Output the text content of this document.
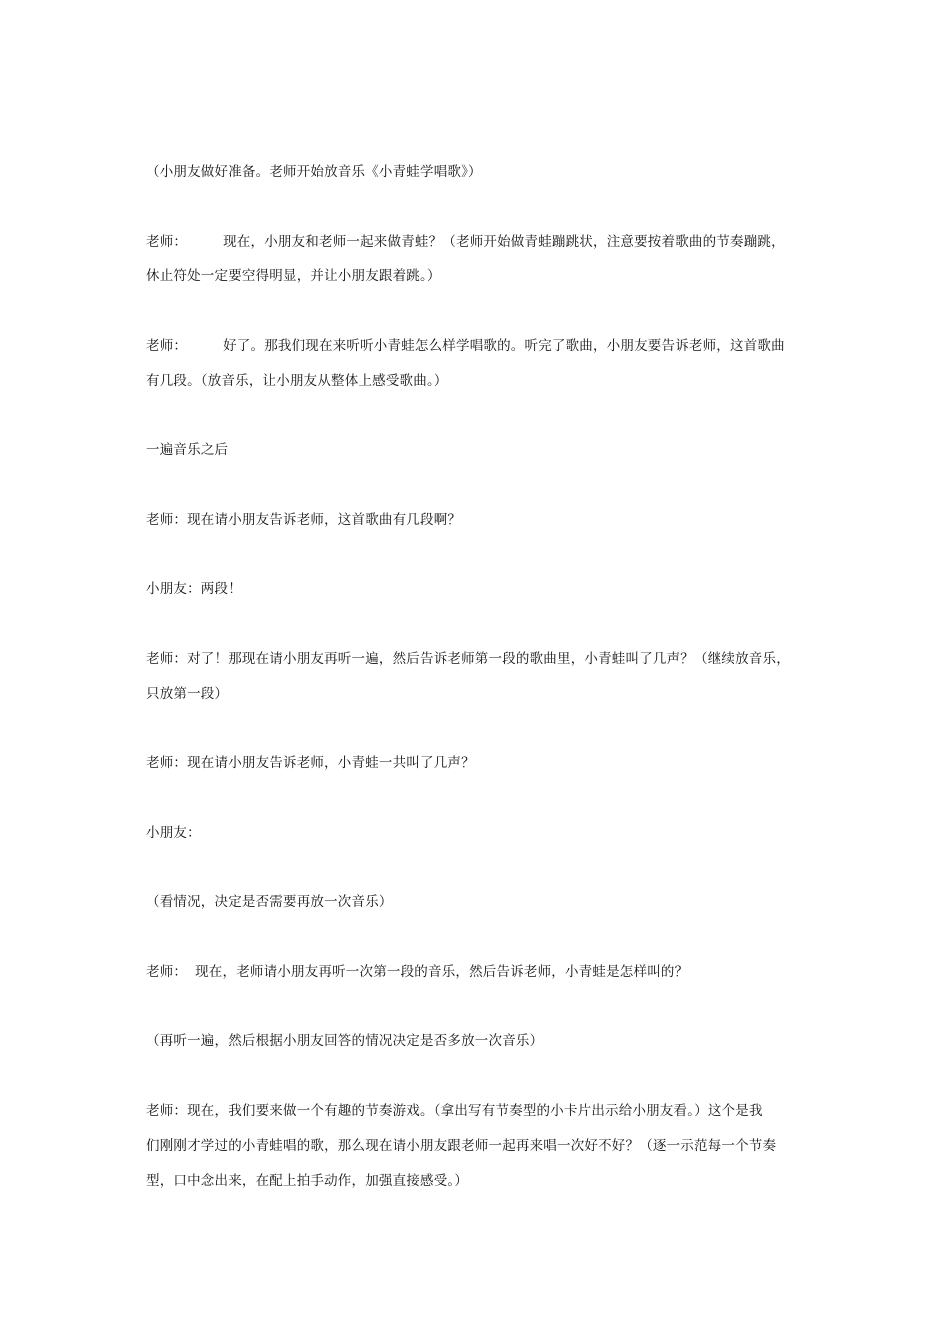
（小朋友做好准备。老师开始放音乐《小青蛙学唱歌》）
老师：	现在，小朋友和老师一起来做青蛙？（老师开始做青蛙蹦跳状，注意要按着歌曲的节奏蹦跳，
休止符处一定要空得明显，并让小朋友跟着跳。）
老师：	好了。那我们现在来听听小青蛙怎么样学唱歌的。听完了歌曲，小朋友要告诉老师，这首歌曲
有几段。（放音乐，让小朋友从整体上感受歌曲。）
一遍音乐之后
老师：现在请小朋友告诉老师，这首歌曲有几段啊？
小朋友：两段！
老师：对了！那现在请小朋友再听一遍，然后告诉老师第一段的歌曲里，小青蛙叫了几声？（继续放音乐，
只放第一段）
老师：现在请小朋友告诉老师，小青蛙一共叫了几声？
小朋友：
（看情况，决定是否需要再放一次音乐）
老师： 现在，老师请小朋友再听一次第一段的音乐，然后告诉老师，小青蛙是怎样叫的？
（再听一遍，然后根据小朋友回答的情况决定是否多放一次音乐）
老师：现在，我们要来做一个有趣的节奏游戏。（拿出写有节奏型的小卡片出示给小朋友看。）这个是我
们刚刚才学过的小青蛙唱的歌，那么现在请小朋友跟老师一起再来唱一次好不好？（逐一示范每一个节奏
型，口中念出来，在配上拍手动作，加强直接感受。）
